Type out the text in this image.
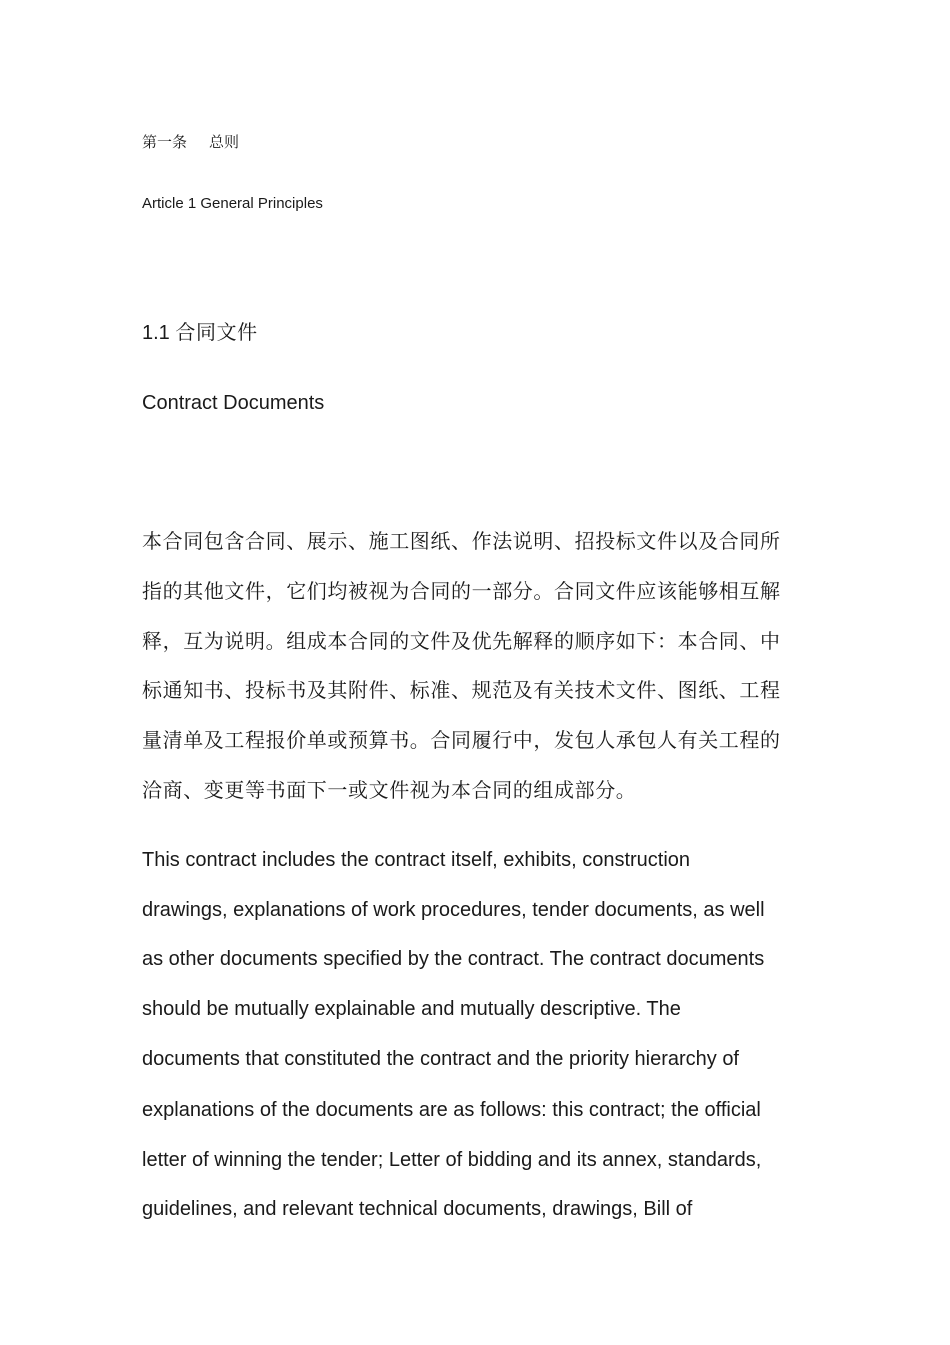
第一条 总则
Article 1 General Principles
1.1 合同文件
Contract Documents
本合同包含合同、展示、施工图纸、作法说明、招投标文件以及合同所
指的其他文件，它们均被视为合同的一部分。合同文件应该能够相互解
释，互为说明。组成本合同的文件及优先解释的顺序如下：本合同、中
标通知书、投标书及其附件、标准、规范及有关技术文件、图纸、工程
量清单及工程报价单或预算书。合同履行中，发包人承包人有关工程的
洽商、变更等书面下一或文件视为本合同的组成部分。
This contract includes the contract itself, exhibits, construction
drawings, explanations of work procedures, tender documents, as well
as other documents specified by the contract. The contract documents
should be mutually explainable and mutually descriptive. The
documents that constituted the contract and the priority hierarchy of
explanations of the documents are as follows: this contract; the official
letter of winning the tender; Letter of bidding and its annex, standards,
guidelines, and relevant technical documents, drawings, Bill of
